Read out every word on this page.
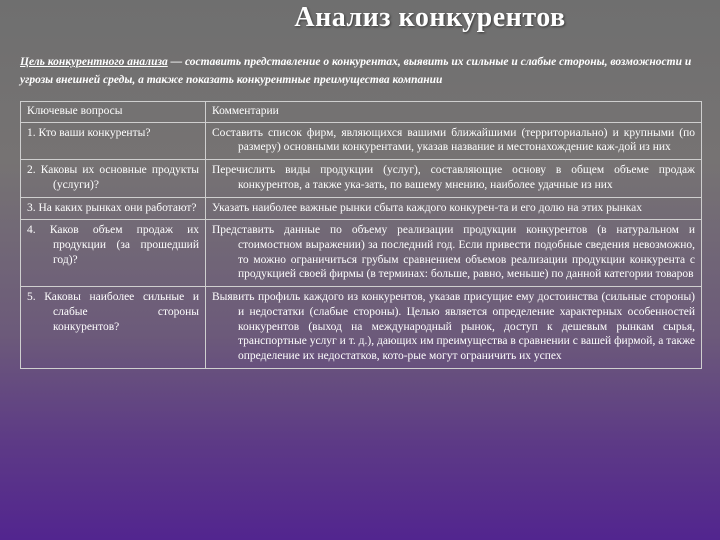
Анализ конкурентов
Цель конкурентного анализа — составить представление о конкурентах, выявить их сильные и слабые стороны, возможности и угрозы внешней среды, а также показать конкурентные преимущества компании
Ключевые вопросы	Комментарии

1. Кто ваши конкуренты?	Составить список фирм, являющихся вашими ближайшими (территориально) и крупными (по размеру) основными конкурентами, указав название и местонахождение каж-дой из них

2. Каковы их основные продукты (услуги)?	Перечислить виды продукции (услуг), составляющие основу в общем объеме продаж конкурентов, а также ука-зать, по вашему мнению, наиболее удачные из них

3. На каких рынках они работают?	Указать наиболее важные рынки сбыта каждого конкурен-та и его долю на этих рынках

4. Каков объем продаж их продукции (за прошедший год)?	Представить данные по объему реализации продукции конкурентов (в натуральном и стоимостном выражении) за последний год. Если привести подобные сведения невозможно, то можно ограничиться грубым сравнением объемов реализации продукции конкурента с продукцией своей фирмы (в терминах: больше, равно, меньше) по данной категории товаров

5. Каковы наиболее сильные и слабые стороны конкурентов?	Выявить профиль каждого из конкурентов, указав присущие ему достоинства (сильные стороны) и недостатки (слабые стороны). Целью является определение характерных особенностей конкурентов (выход на международный рынок, доступ к дешевым рынкам сырья, транспортные услуг и т. д.), дающих им преимущества в сравнении с вашей фирмой, а также определение их недостатков, кото-рые могут ограничить их успех
